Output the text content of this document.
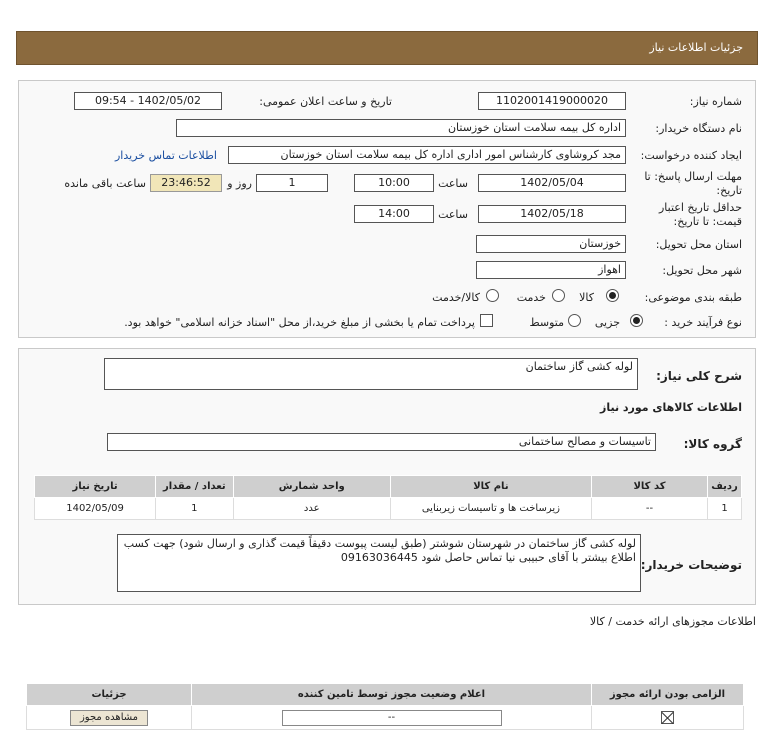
جزئیات اطلاعات نیاز
شماره نیاز:
1102001419000020
تاریخ و ساعت اعلان عمومی:
1402/05/02 - 09:54
نام دستگاه خریدار:
اداره کل بیمه سلامت استان خوزستان
ایجاد کننده درخواست:
مجد کروشاوی کارشناس امور اداری اداره کل بیمه سلامت استان خوزستان
اطلاعات تماس خریدار
مهلت ارسال پاسخ: تا
تاریخ:
1402/05/04
ساعت
10:00
1
روز و
23:46:52
ساعت باقی مانده
حداقل تاریخ اعتبار
قیمت: تا تاریخ:
1402/05/18
ساعت
14:00
استان محل تحویل:
خوزستان
شهر محل تحویل:
اهواز
طبقه بندی موضوعی:
کالا
خدمت
کالا/خدمت
نوع فرآیند خرید :
جزیی
متوسط
پرداخت تمام یا بخشی از مبلغ خرید،از محل "اسناد خزانه اسلامی" خواهد بود.
شرح کلی نیاز:
لوله کشی گاز ساختمان
اطلاعات کالاهای مورد نیاز
گروه کالا:
تاسیسات و مصالح ساختمانی
ردیف	کد کالا	نام کالا	واحد شمارش	تعداد / مقدار	تاریخ نیاز
1	--	زیرساخت ها و تاسیسات زیربنایی	عدد	1	1402/05/09
توضیحات خریدار:
لوله کشی گاز ساختمان در شهرستان شوشتر (طبق لیست پیوست دقیقاً قیمت گذاری و ارسال شود) جهت کسب اطلاع بیشتر با آقای حبیبی نیا تماس حاصل شود 09163036445
اطلاعات مجوزهای ارائه خدمت / کالا
الزامی بودن ارائه مجوز	اعلام وضعیت مجوز توسط تامین کننده	جزئیات
	--	مشاهده مجوز
